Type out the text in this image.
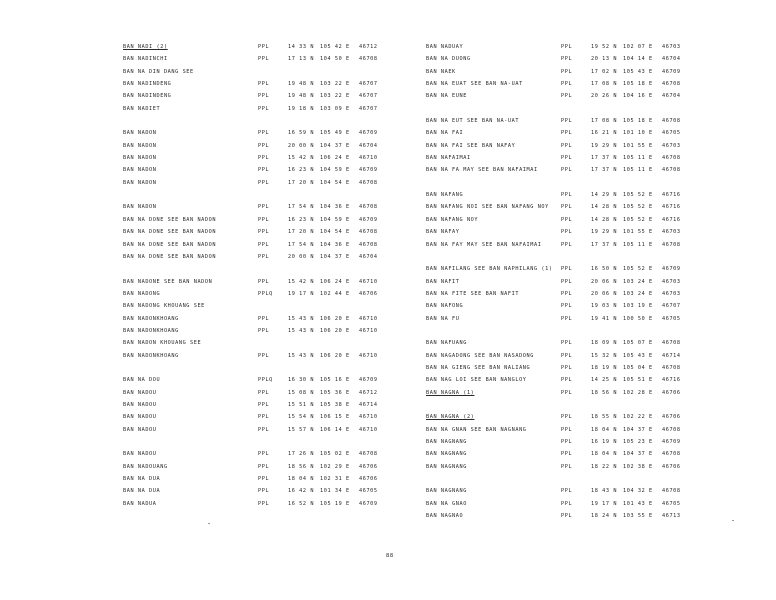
BAN NADI (2)	PPL	14 33 N 105 42 E 46712
BAN NADINCHI	PPL	17 13 N 104 50 E 46708
BAN NA DIN DANG SEE
BAN NADINDENG	PPL	19 48 N 103 22 E 46707
BAN NADINDENG	PPL	19 48 N 103 22 E 46707
BAN NADIET	PPL	19 18 N 103 09 E 46707
BAN NADON	PPL	16 59 N 105 49 E 46709
BAN NADON	PPL	20 00 N 104 37 E 46704
BAN NADON	PPL	15 42 N 106 24 E 46710
BAN NADON	PPL	16 23 N 104 59 E 46709
BAN NADON	PPL	17 20 N 104 54 E 46708
BAN NADON	PPL	17 54 N 104 36 E 46708
BAN NA DONE SEE BAN NADON	PPL	16 23 N 104 59 E 46709
BAN NA DONE SEE BAN NADON	PPL	17 20 N 104 54 E 46708
BAN NA DONE SEE BAN NADON	PPL	17 54 N 104 36 E 46708
BAN NA DONE SEE BAN NADON	PPL	20 00 N 104 37 E 46704
BAN NADONE SEE BAN NADON	PPL	15 42 N 106 24 E 46710
BAN NADONG	PPLQ	19 17 N 102 44 E 46706
BAN NADONG KHOUANG SEE
BAN NADONKHOANG	PPL	15 43 N 106 20 E 46710
BAN NADONKHOANG	PPL	15 43 N 106 20 E 46710
BAN NADON KHOUANG SEE
BAN NADONKHOANG	PPL	15 43 N 106 20 E 46710
BAN NA DOU	PPLQ	16 30 N 105 16 E 46709
BAN NADOU	PPL	15 08 N 105 36 E 46712
BAN NADOU	PPL	15 51 N 105 38 E 46714
BAN NADOU	PPL	15 54 N 106 15 E 46710
BAN NADOU	PPL	15 57 N 106 14 E 46710
BAN NADOU	PPL	17 26 N 105 02 E 46708
BAN NADOUANG	PPL	18 56 N 102 29 E 46706
BAN NA DUA	PPL	18 04 N 102 31 E 46706
BAN NA DUA	PPL	16 42 N 101 34 E 46705
BAN NADUA	PPL	16 52 N 105 19 E 46709
BAN NADUAY	PPL	19 52 N 102 07 E 46703
BAN NA DUONG	PPL	20 13 N 104 14 E 46704
BAN NAEK	PPL	17 02 N 105 43 E 46709
BAN NA EUAT SEE BAN NA-UAT	PPL	17 08 N 105 18 E 46708
BAN NA EUNE	PPL	20 26 N 104 16 E 46704
BAN NA EUT SEE BAN NA-UAT	PPL	17 08 N 105 18 E 46708
BAN NA FAI	PPL	16 21 N 101 10 E 46705
BAN NA FAI SEE BAN NAFAY	PPL	19 29 N 101 55 E 46703
BAN NAFAIMAI	PPL	17 37 N 105 11 E 46708
BAN NA FA MAY SEE BAN NAFAIMAI	PPL	17 37 N 105 11 E 46708
BAN NAFANG	PPL	14 29 N 105 52 E 46716
BAN NAFANG NOI SEE BAN NAFANG NOY PPL	14 28 N 105 52 E 46716
BAN NAFANG NOY	PPL	14 28 N 105 52 E 46716
BAN NAFAY	PPL	19 29 N 101 55 E 46703
BAN NA FAY MAY SEE BAN NAFAIMAI	PPL	17 37 N 105 11 E 46708
BAN NAFILANG SEE BAN NAPHILANG (1) PPL	16 50 N 105 52 E 46709
BAN NAFIT	PPL	20 06 N 103 24 E 46703
BAN NA FITE SEE BAN NAFIT	PPL	20 06 N 103 24 E 46703
BAN NAFONG	PPL	19 03 N 103 19 E 46707
BAN NA FU	PPL	19 41 N 100 50 E 46705
BAN NAFUANG	PPL	18 09 N 105 07 E 46708
BAN NAGADONG SEE BAN NASADONG	PPL	15 32 N 105 43 E 46714
BAN NA GIENG SEE BAN NALIANG	PPL	18 19 N 105 04 E 46708
BAN NAG LOI SEE BAN NANGLOY	PPL	14 25 N 105 51 E 46716
BAN NAGNA (1)	PPL	18 56 N 102 28 E 46706
BAN NAGNA (2)	PPL	18 55 N 102 22 E 46706
BAN NA GNAN SEE BAN NAGNANG	PPL	18 04 N 104 37 E 46708
BAN NAGNANG	PPL	16 19 N 105 23 E 46709
BAN NAGNANG	PPL	18 04 N 104 37 E 46708
BAN NAGNANG	PPL	18 22 N 102 38 E 46706
BAN NAGNANG	PPL	18 43 N 104 32 E 46708
BAN NA GNAO	PPL	19 17 N 101 43 E 46705
BAN NAGNAO	PPL	18 24 N 103 55 E 46713
88
